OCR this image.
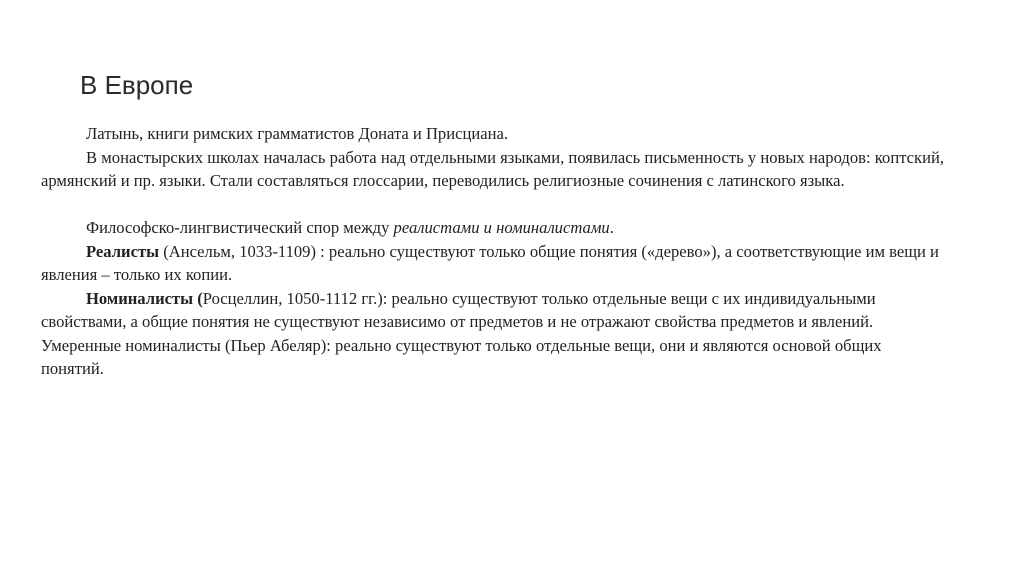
В Европе

Латынь, книги римских грамматистов Доната и Присциана.

В монастырских школах началась работа над отдельными языками, появилась письменность у новых народов: коптский, армянский и пр. языки. Стали составляться глоссарии, переводились религиозные сочинения с латинского языка.

Философско-лингвистический спор между реалистами и номиналистами.

Реалисты (Ансельм, 1033-1109) : реально существуют только общие понятия («дерево»), а соответствующие им вещи и явления – только их копии.

Номиналисты (Росцеллин, 1050-1112 гг.): реально существуют только отдельные вещи с их индивидуальными свойствами, а общие понятия не существуют независимо от предметов и не отражают свойства предметов и явлений. Умеренные номиналисты (Пьер Абеляр): реально существуют только отдельные вещи, они и являются основой общих понятий.
